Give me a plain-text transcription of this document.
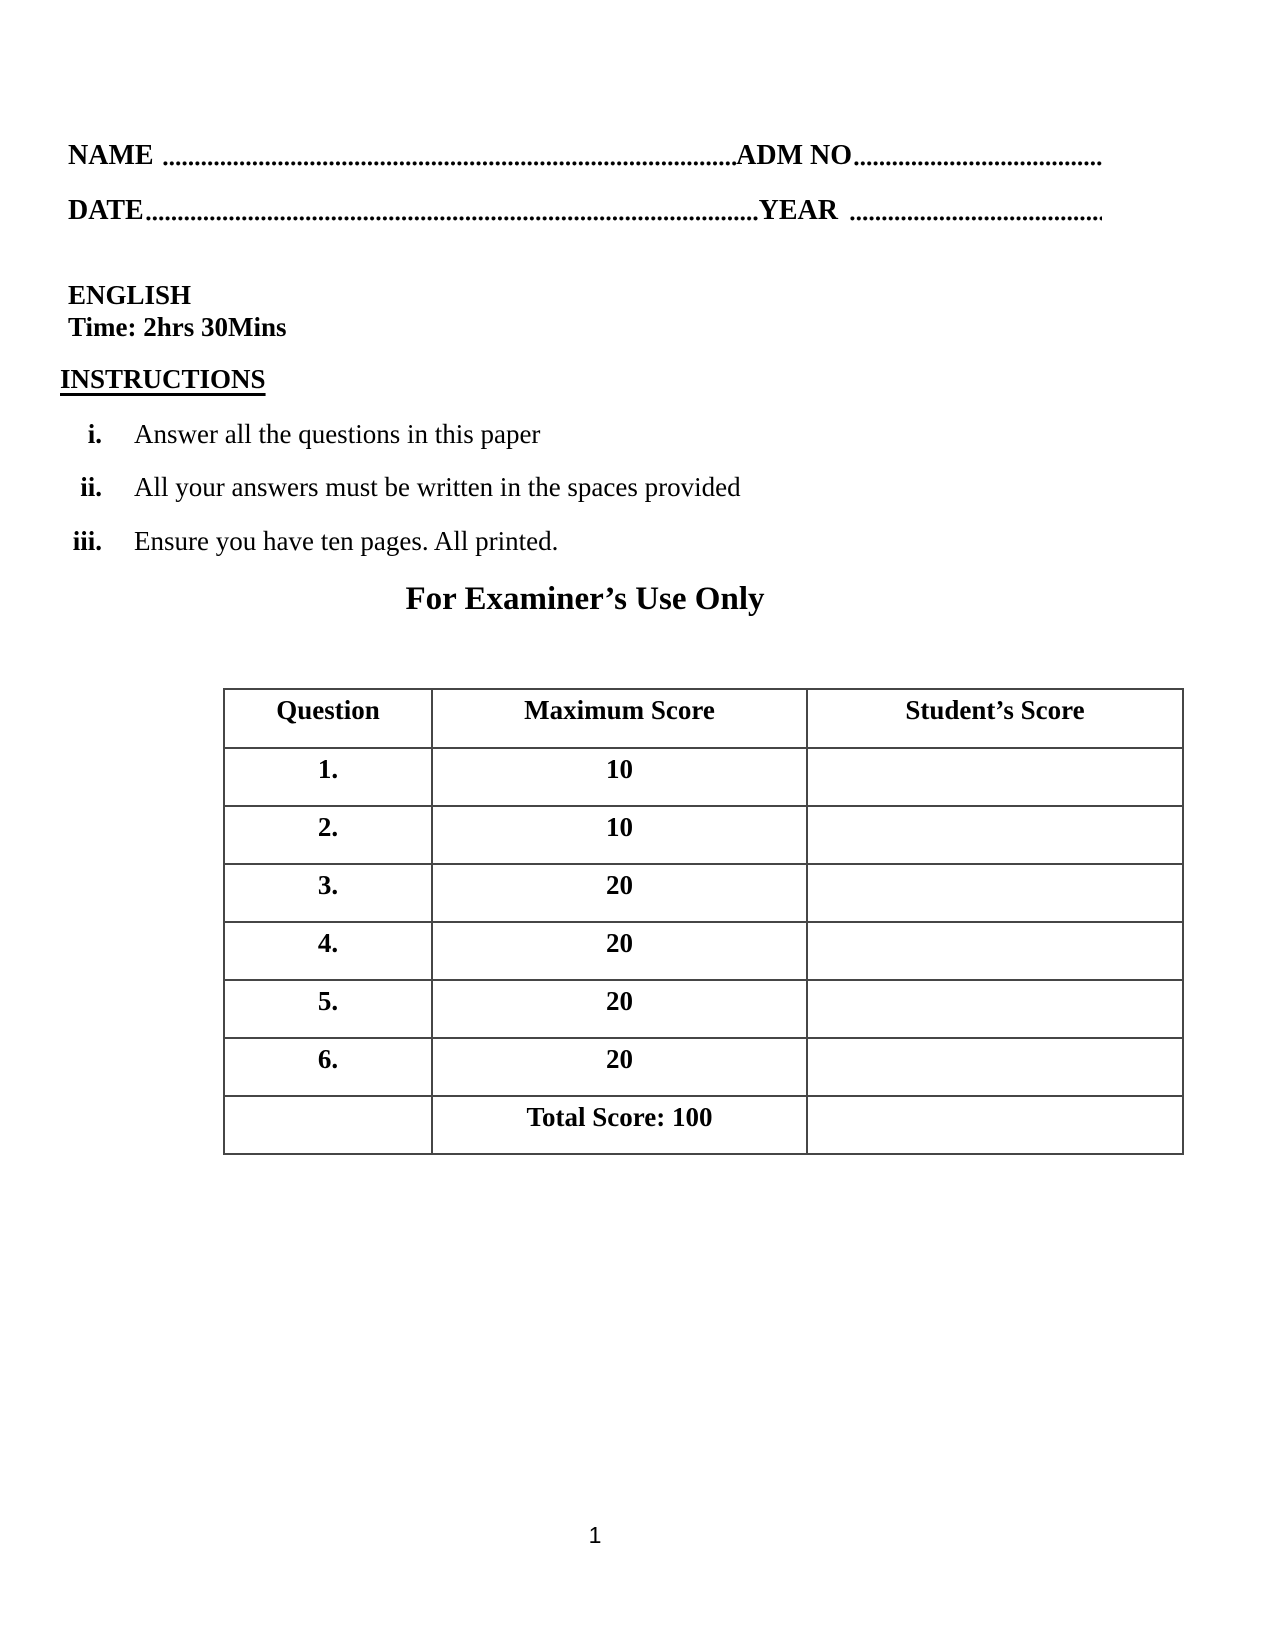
NAME	ADM NO
DATE	YEAR
ENGLISH
Time: 2hrs 30Mins
INSTRUCTIONS
i. Answer all the questions in this paper
ii. All your answers must be written in the spaces provided
iii. Ensure you have ten pages. All printed.
For Examiner’s Use Only
Question	Maximum Score	Student’s Score
1.	10	
2.	10	
3.	20	
4.	20	
5.	20	
6.	20	
	Total Score: 100	
1
